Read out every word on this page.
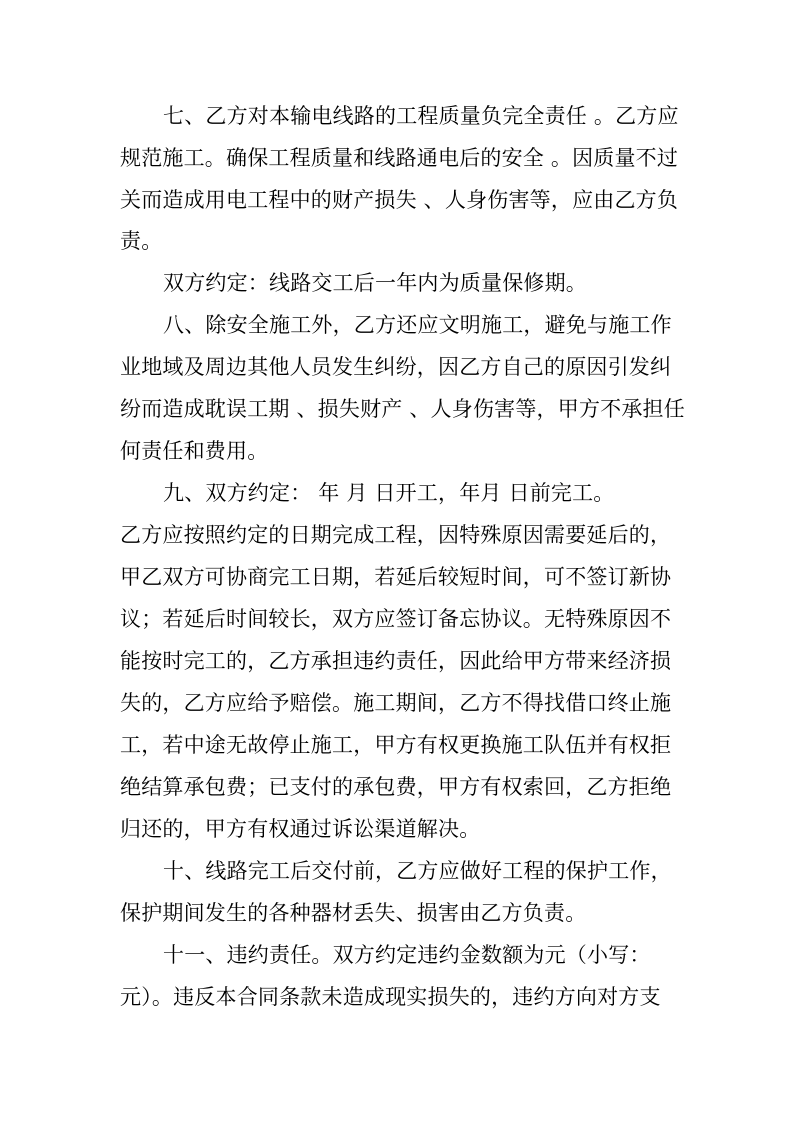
七、乙方对本输电线路的工程质量负完全责任 。乙方应
规范施工。确保工程质量和线路通电后的安全 。因质量不过
关而造成用电工程中的财产损失 、人身伤害等，应由乙方负
责。
双方约定：线路交工后一年内为质量保修期。
八、除安全施工外，乙方还应文明施工，避免与施工作
业地域及周边其他人员发生纠纷，因乙方自己的原因引发纠
纷而造成耽误工期 、损失财产 、人身伤害等，甲方不承担任
何责任和费用。
九、双方约定： 年 月 日开工，年月 日前完工。
乙方应按照约定的日期完成工程，因特殊原因需要延后的，
甲乙双方可协商完工日期，若延后较短时间，可不签订新协
议；若延后时间较长，双方应签订备忘协议。无特殊原因不
能按时完工的，乙方承担违约责任，因此给甲方带来经济损
失的，乙方应给予赔偿。施工期间，乙方不得找借口终止施
工，若中途无故停止施工，甲方有权更换施工队伍并有权拒
绝结算承包费；已支付的承包费，甲方有权索回，乙方拒绝
归还的，甲方有权通过诉讼渠道解决。
十、线路完工后交付前，乙方应做好工程的保护工作，
保护期间发生的各种器材丢失、损害由乙方负责。
十一、违约责任。双方约定违约金数额为元（小写：
元）。违反本合同条款未造成现实损失的，违约方向对方支
